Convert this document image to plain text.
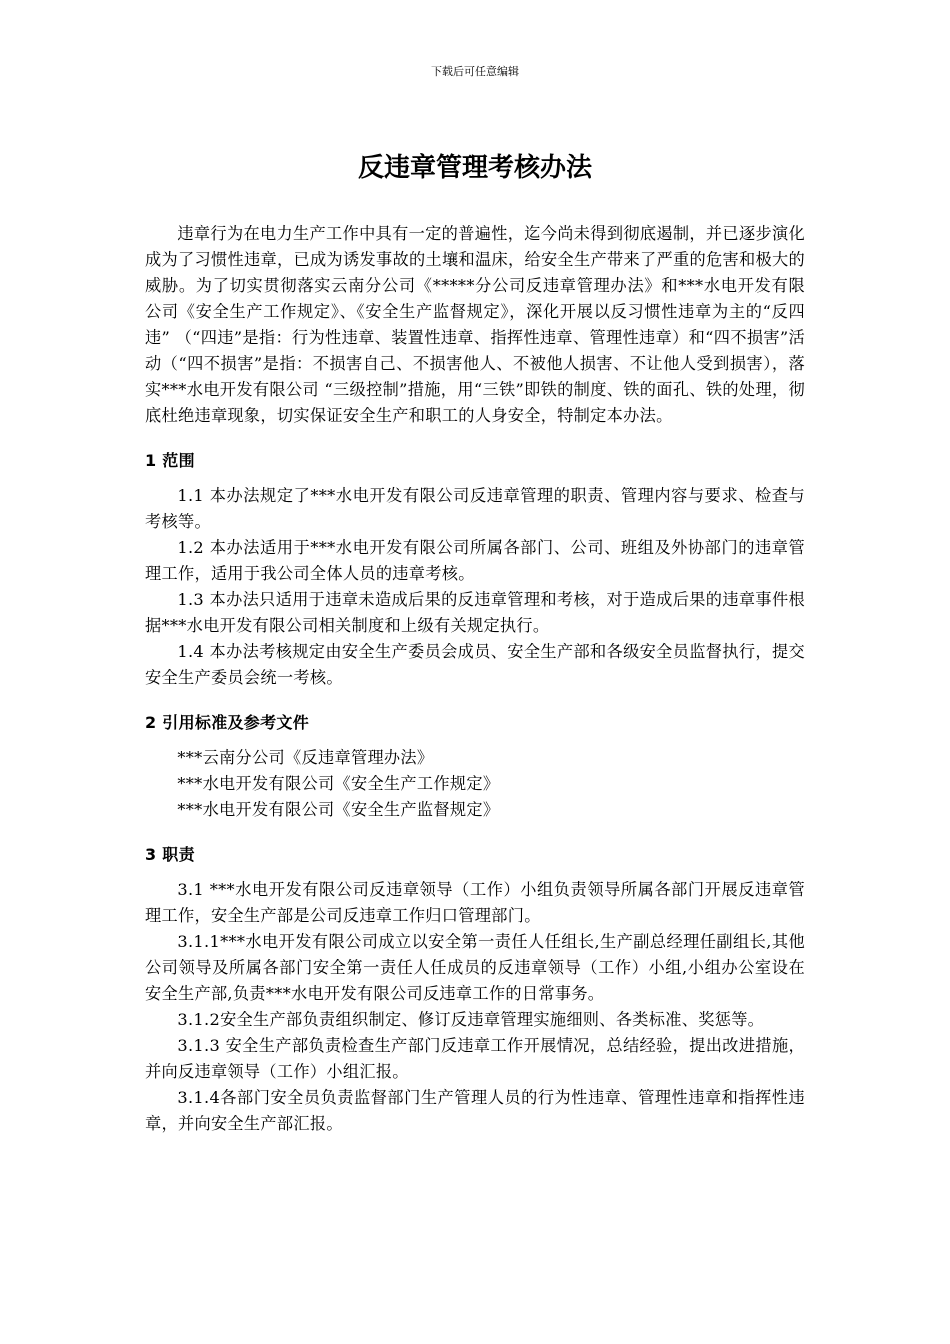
下载后可任意编辑
反违章管理考核办法

违章行为在电力生产工作中具有一定的普遍性，迄今尚未得到彻底遏制，并已逐步演化成为了习惯性违章，已成为诱发事故的土壤和温床，给安全生产带来了严重的危害和极大的威胁。为了切实贯彻落实云南分公司《*****分公司反违章管理办法》和***水电开发有限公司《安全生产工作规定》、《安全生产监督规定》，深化开展以反习惯性违章为主的“反四违” （“四违”是指：行为性违章、装置性违章、指挥性违章、管理性违章）和“四不损害”活动（“四不损害”是指：不损害自己、不损害他人、不被他人损害、不让他人受到损害），落实***水电开发有限公司 “三级控制”措施，用“三铁”即铁的制度、铁的面孔、铁的处理，彻底杜绝违章现象，切实保证安全生产和职工的人身安全，特制定本办法。

1 范围

1.1 本办法规定了***水电开发有限公司反违章管理的职责、管理内容与要求、检查与考核等。

1.2 本办法适用于***水电开发有限公司所属各部门、公司、班组及外协部门的违章管理工作，适用于我公司全体人员的违章考核。

1.3 本办法只适用于违章未造成后果的反违章管理和考核，对于造成后果的违章事件根据***水电开发有限公司相关制度和上级有关规定执行。

1.4 本办法考核规定由安全生产委员会成员、安全生产部和各级安全员监督执行，提交安全生产委员会统一考核。

2 引用标准及参考文件
***云南分公司《反违章管理办法》
***水电开发有限公司《安全生产工作规定》
***水电开发有限公司《安全生产监督规定》
3 职责

3.1 ***水电开发有限公司反违章领导（工作）小组负责领导所属各部门开展反违章管理工作，安全生产部是公司反违章工作归口管理部门。

3.1.1***水电开发有限公司成立以安全第一责任人任组长,生产副总经理任副组长,其他公司领导及所属各部门安全第一责任人任成员的反违章领导（工作）小组,小组办公室设在安全生产部,负责***水电开发有限公司反违章工作的日常事务。

3.1.2安全生产部负责组织制定、修订反违章管理实施细则、各类标准、奖惩等。

3.1.3 安全生产部负责检查生产部门反违章工作开展情况，总结经验，提出改进措施，并向反违章领导（工作）小组汇报。

3.1.4各部门安全员负责监督部门生产管理人员的行为性违章、管理性违章和指挥性违章，并向安全生产部汇报。
